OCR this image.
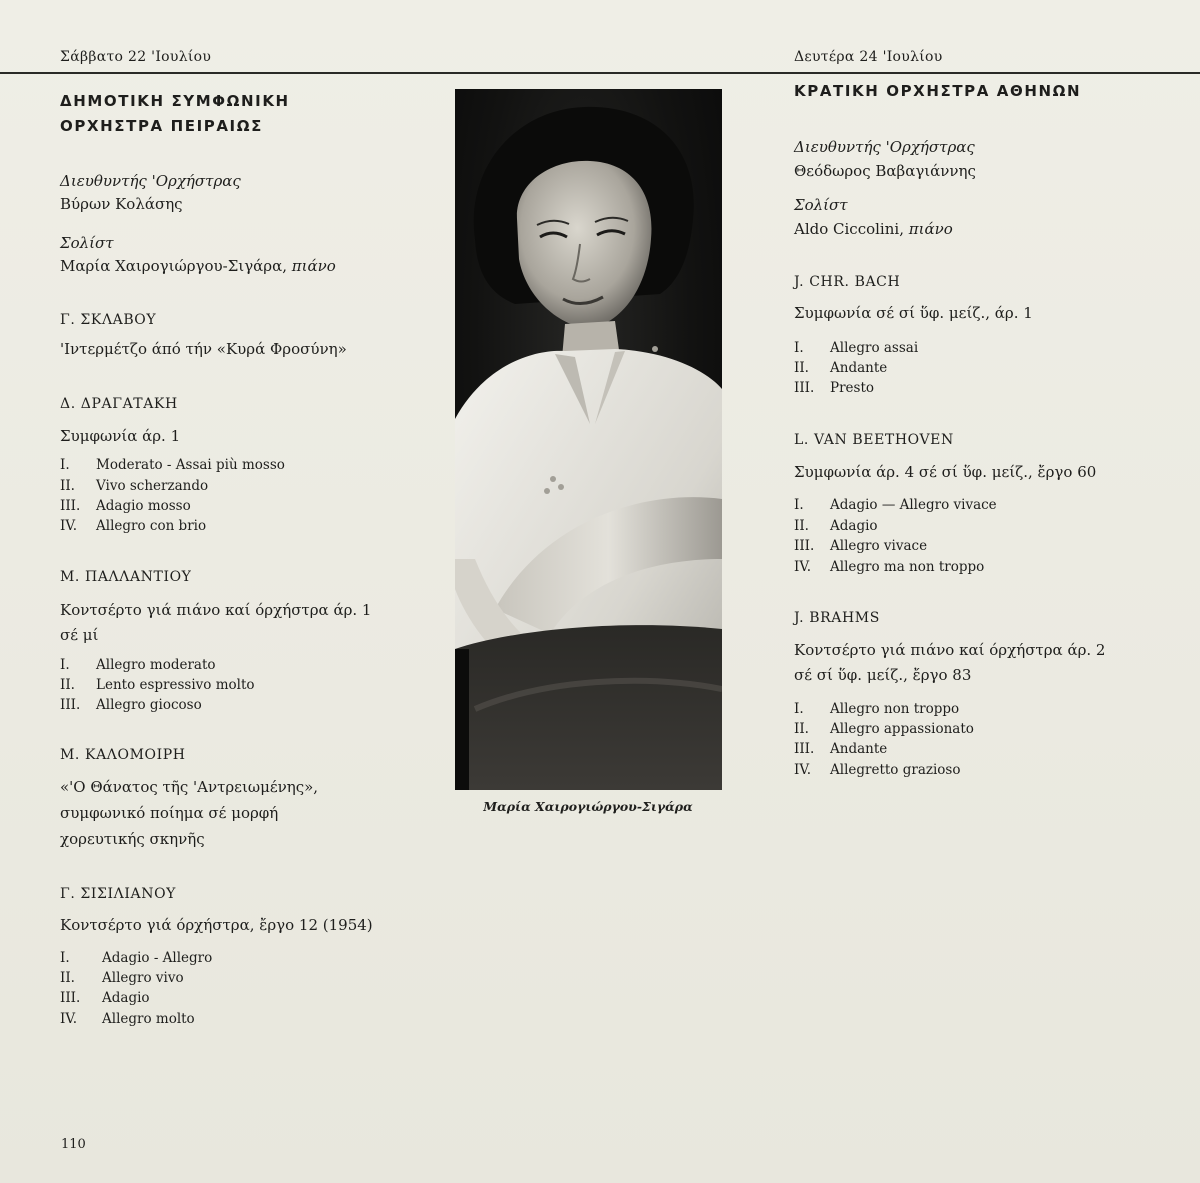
Σάββατο 22 'Ιουλίου	Δευτέρα 24 'Ιουλίου
ΔΗΜΟΤΙΚΗ ΣΥΜΦΩΝΙΚΗ
ΟΡΧΗΣΤΡΑ ΠΕΙΡΑΙΩΣ
Διευθυντής 'Ορχήστρας
Βύρων Κολάσης
Σολίστ
Μαρία Χαιρογιώργου-Σιγάρα, πιάνο
Γ. ΣΚΛΑΒΟΥ
'Ιντερμέτζο άπό τήν «Κυρά Φροσύνη»
Δ. ΔΡΑΓΑΤΑΚΗ
Συμφωνία άρ. 1
I. Moderato - Assai più mosso
II. Vivo scherzando
III. Adagio mosso
IV. Allegro con brio
Μ. ΠΑΛΛΑΝΤΙΟΥ
Κοντσέρτο γιά πιάνο καί όρχήστρα άρ. 1
σέ μί
I. Allegro moderato
II. Lento espressivo molto
III. Allegro giocoso
Μ. ΚΑΛΟΜΟΙΡΗ
«'Ο Θάνατος τῆς 'Αντρειωμένης»,
συμφωνικό ποίημα σέ μορφή
χορευτικής σκηνῆς
Γ. ΣΙΣΙΛΙΑΝΟΥ
Κοντσέρτο γιά όρχήστρα, ἔργο 12 (1954)
I. Adagio - Allegro
II. Allegro vivo
III. Adagio
IV. Allegro molto
Μαρία Χαιρογιώργου-Σιγάρα
ΚΡΑΤΙΚΗ ΟΡΧΗΣΤΡΑ ΑΘΗΝΩΝ
Διευθυντής 'Ορχήστρας
Θεόδωρος Βαβαγιάννης
Σολίστ
Aldo Ciccolini, πιάνο
J. CHR. BACH
Συμφωνία σέ σί ὕφ. μείζ., άρ. 1
I. Allegro assai
II. Andante
III. Presto
L. VAN BEETHOVEN
Συμφωνία άρ. 4 σέ σί ὕφ. μείζ., ἔργο 60
I. Adagio — Allegro vivace
II. Adagio
III. Allegro vivace
IV. Allegro ma non troppo
J. BRAHMS
Κοντσέρτο γιά πιάνο καί όρχήστρα άρ. 2
σέ σί ὕφ. μείζ., ἔργο 83
I. Allegro non troppo
II. Allegro appassionato
III. Andante
IV. Allegretto grazioso
110
